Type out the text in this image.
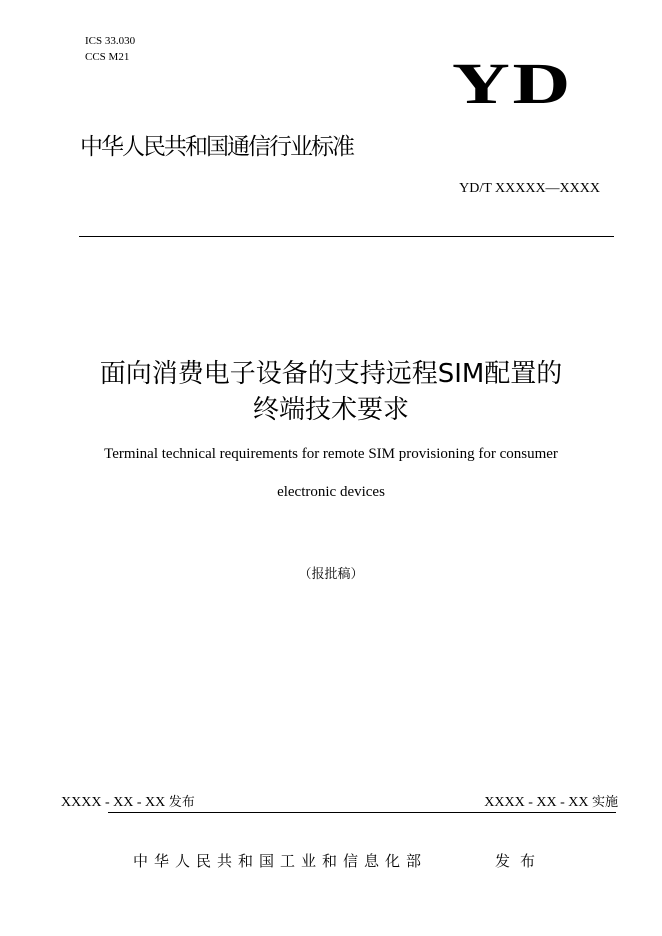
ICS 33.030
CCS M21	YD
中华人民共和国通信行业标准
YD/T XXXXX—XXXX
面向消费电子设备的支持远程SIM配置的
终端技术要求
Terminal technical requirements for remote SIM provisioning for consumer
electronic devices
（报批稿）
XXXX - XX - XX 发布	XXXX - XX - XX 实施
中华人民共和国工业和信息化部	发布
